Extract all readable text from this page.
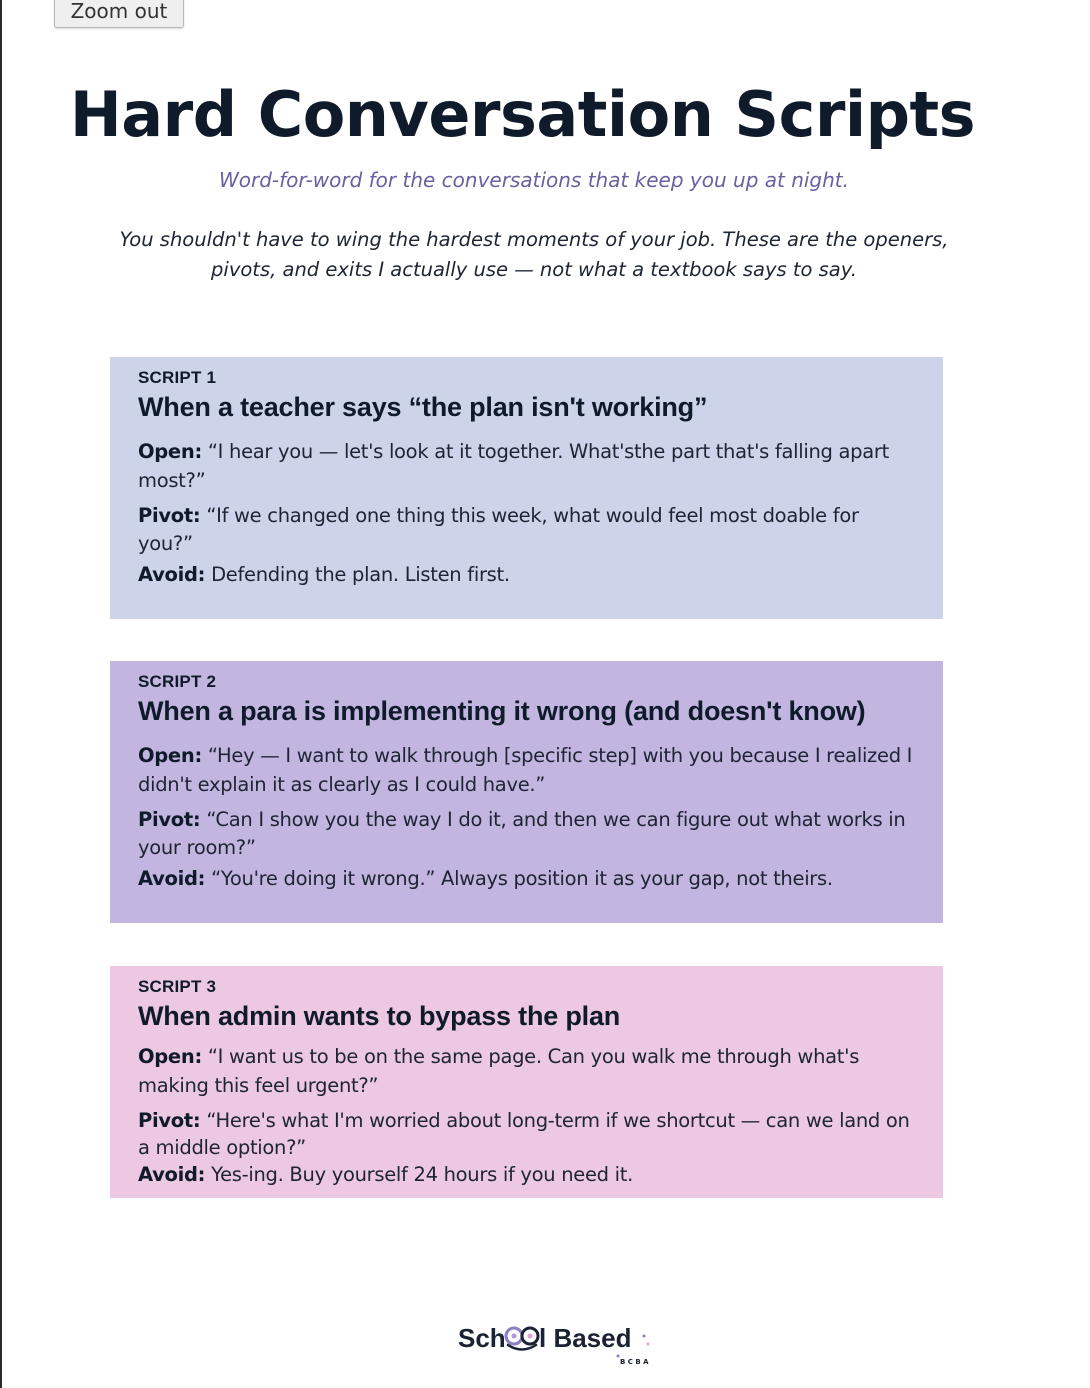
Zoom out
Hard Conversation Scripts

Word-for-word for the conversations that keep you up at night.

You shouldn't have to wing the hardest moments of your job. These are the openers, pivots, and exits I actually use — not what a textbook says to say.

SCRIPT 1
When a teacher says “the plan isn't working”

Open: “I hear you — let's look at it together. What'sthe part that's falling apart most?”

Pivot: “If we changed one thing this week, what would feel most doable for you?”

Avoid: Defending the plan. Listen first.

SCRIPT 2
When a para is implementing it wrong (and doesn't know)

Open: “Hey — I want to walk through [specific step] with you because I realized I didn't explain it as clearly as I could have.”

Pivot: “Can I show you the way I do it, and then we can figure out what works in your room?”

Avoid: “You're doing it wrong.” Always position it as your gap, not theirs.

SCRIPT 3
When admin wants to bypass the plan

Open: “I want us to be on the same page. Can you walk me through what's making this feel urgent?”

Pivot: “Here's what I'm worried about long-term if we shortcut — can we land on a middle option?”

Avoid: Yes-ing. Buy yourself 24 hours if you need it.

Sch l Based
B C B A
